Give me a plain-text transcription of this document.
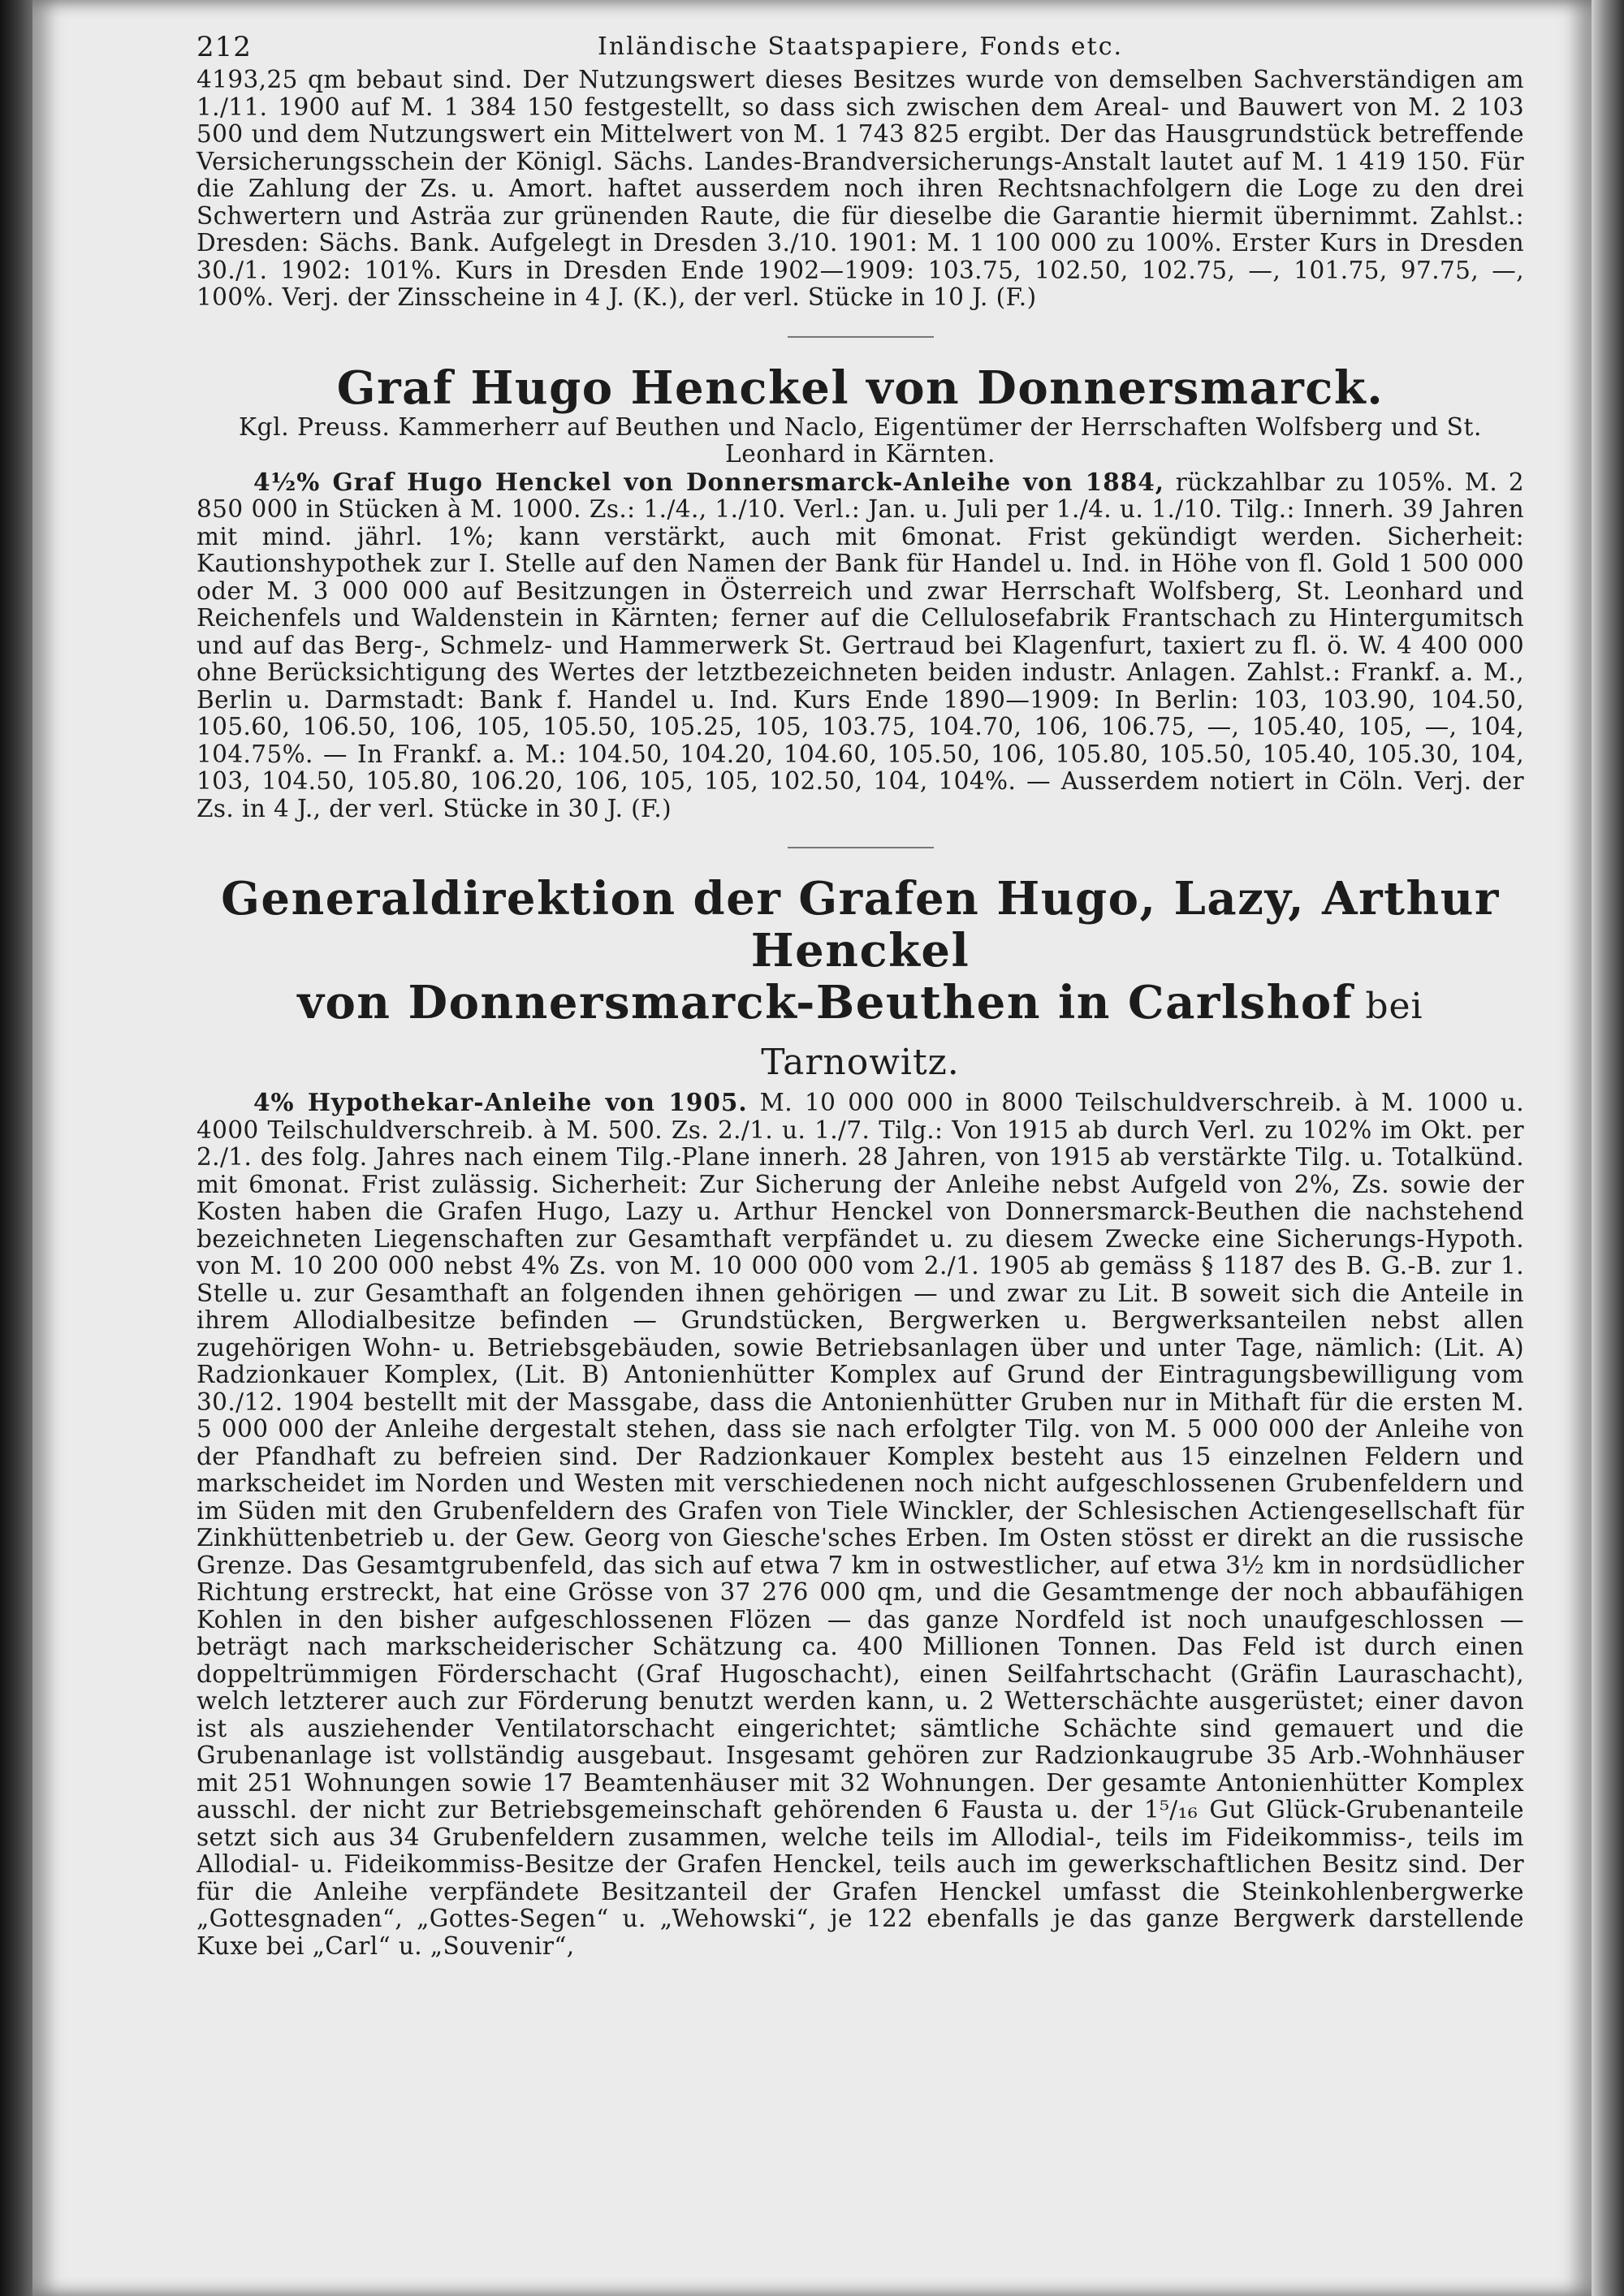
212	Inländische Staatspapiere, Fonds etc.

4193,25 qm bebaut sind. Der Nutzungswert dieses Besitzes wurde von demselben Sachverständigen am 1./11. 1900 auf M. 1 384 150 festgestellt, so dass sich zwischen dem Areal- und Bauwert von M. 2 103 500 und dem Nutzungswert ein Mittelwert von M. 1 743 825 ergibt. Der das Hausgrundstück betreffende Versicherungsschein der Königl. Sächs. Landes-Brandversicherungs-Anstalt lautet auf M. 1 419 150. Für die Zahlung der Zs. u. Amort. haftet ausserdem noch ihren Rechtsnachfolgern die Loge zu den drei Schwertern und Asträa zur grünenden Raute, die für dieselbe die Garantie hiermit übernimmt. Zahlst.: Dresden: Sächs. Bank. Aufgelegt in Dresden 3./10. 1901: M. 1 100 000 zu 100%. Erster Kurs in Dresden 30./1. 1902: 101%. Kurs in Dresden Ende 1902—1909: 103.75, 102.50, 102.75, —, 101.75, 97.75, —, 100%. Verj. der Zinsscheine in 4 J. (K.), der verl. Stücke in 10 J. (F.)

Graf Hugo Henckel von Donnersmarck.
Kgl. Preuss. Kammerherr auf Beuthen und Naclo, Eigentümer der Herrschaften Wolfsberg und St. Leonhard in Kärnten.

4½% Graf Hugo Henckel von Donnersmarck-Anleihe von 1884, rückzahlbar zu 105%. M. 2 850 000 in Stücken à M. 1000. Zs.: 1./4., 1./10. Verl.: Jan. u. Juli per 1./4. u. 1./10. Tilg.: Innerh. 39 Jahren mit mind. jährl. 1%; kann verstärkt, auch mit 6monat. Frist gekündigt werden. Sicherheit: Kautionshypothek zur I. Stelle auf den Namen der Bank für Handel u. Ind. in Höhe von fl. Gold 1 500 000 oder M. 3 000 000 auf Besitzungen in Österreich und zwar Herrschaft Wolfsberg, St. Leonhard und Reichenfels und Waldenstein in Kärnten; ferner auf die Cellulosefabrik Frantschach zu Hintergumitsch und auf das Berg-, Schmelz- und Hammerwerk St. Gertraud bei Klagenfurt, taxiert zu fl. ö. W. 4 400 000 ohne Berücksichtigung des Wertes der letztbezeichneten beiden industr. Anlagen. Zahlst.: Frankf. a. M., Berlin u. Darmstadt: Bank f. Handel u. Ind. Kurs Ende 1890—1909: In Berlin: 103, 103.90, 104.50, 105.60, 106.50, 106, 105, 105.50, 105.25, 105, 103.75, 104.70, 106, 106.75, —, 105.40, 105, —, 104, 104.75%. — In Frankf. a. M.: 104.50, 104.20, 104.60, 105.50, 106, 105.80, 105.50, 105.40, 105.30, 104, 103, 104.50, 105.80, 106.20, 106, 105, 105, 102.50, 104, 104%. — Ausserdem notiert in Cöln. Verj. der Zs. in 4 J., der verl. Stücke in 30 J. (F.)

Generaldirektion der Grafen Hugo, Lazy, Arthur Henckel
von Donnersmarck-Beuthen in Carlshof bei Tarnowitz.

4% Hypothekar-Anleihe von 1905. M. 10 000 000 in 8000 Teilschuldverschreib. à M. 1000 u. 4000 Teilschuldverschreib. à M. 500. Zs. 2./1. u. 1./7. Tilg.: Von 1915 ab durch Verl. zu 102% im Okt. per 2./1. des folg. Jahres nach einem Tilg.-Plane innerh. 28 Jahren, von 1915 ab verstärkte Tilg. u. Totalkünd. mit 6monat. Frist zulässig. Sicherheit: Zur Sicherung der Anleihe nebst Aufgeld von 2%, Zs. sowie der Kosten haben die Grafen Hugo, Lazy u. Arthur Henckel von Donnersmarck-Beuthen die nachstehend bezeichneten Liegenschaften zur Gesamthaft verpfändet u. zu diesem Zwecke eine Sicherungs-Hypoth. von M. 10 200 000 nebst 4% Zs. von M. 10 000 000 vom 2./1. 1905 ab gemäss § 1187 des B. G.-B. zur 1. Stelle u. zur Gesamthaft an folgenden ihnen gehörigen — und zwar zu Lit. B soweit sich die Anteile in ihrem Allodialbesitze befinden — Grundstücken, Bergwerken u. Bergwerksanteilen nebst allen zugehörigen Wohn- u. Betriebsgebäuden, sowie Betriebsanlagen über und unter Tage, nämlich: (Lit. A) Radzionkauer Komplex, (Lit. B) Antonienhütter Komplex auf Grund der Eintragungsbewilligung vom 30./12. 1904 bestellt mit der Massgabe, dass die Antonienhütter Gruben nur in Mithaft für die ersten M. 5 000 000 der Anleihe dergestalt stehen, dass sie nach erfolgter Tilg. von M. 5 000 000 der Anleihe von der Pfandhaft zu befreien sind. Der Radzionkauer Komplex besteht aus 15 einzelnen Feldern und markscheidet im Norden und Westen mit verschiedenen noch nicht aufgeschlossenen Grubenfeldern und im Süden mit den Grubenfeldern des Grafen von Tiele Winckler, der Schlesischen Actiengesellschaft für Zinkhüttenbetrieb u. der Gew. Georg von Giesche'sches Erben. Im Osten stösst er direkt an die russische Grenze. Das Gesamtgrubenfeld, das sich auf etwa 7 km in ostwestlicher, auf etwa 3½ km in nordsüdlicher Richtung erstreckt, hat eine Grösse von 37 276 000 qm, und die Gesamtmenge der noch abbaufähigen Kohlen in den bisher aufgeschlossenen Flözen — das ganze Nordfeld ist noch unaufgeschlossen — beträgt nach markscheiderischer Schätzung ca. 400 Millionen Tonnen. Das Feld ist durch einen doppeltrümmigen Förderschacht (Graf Hugoschacht), einen Seilfahrtschacht (Gräfin Lauraschacht), welch letzterer auch zur Förderung benutzt werden kann, u. 2 Wetterschächte ausgerüstet; einer davon ist als ausziehender Ventilatorschacht eingerichtet; sämtliche Schächte sind gemauert und die Grubenanlage ist vollständig ausgebaut. Insgesamt gehören zur Radzionkaugrube 35 Arb.-Wohnhäuser mit 251 Wohnungen sowie 17 Beamtenhäuser mit 32 Wohnungen. Der gesamte Antonienhütter Komplex ausschl. der nicht zur Betriebsgemeinschaft gehörenden 6 Fausta u. der 1⁵/₁₆ Gut Glück-Grubenanteile setzt sich aus 34 Grubenfeldern zusammen, welche teils im Allodial-, teils im Fideikommiss-, teils im Allodial- u. Fideikommiss-Besitze der Grafen Henckel, teils auch im gewerkschaftlichen Besitz sind. Der für die Anleihe verpfändete Besitzanteil der Grafen Henckel umfasst die Steinkohlenbergwerke „Gottesgnaden“, „Gottes-Segen“ u. „Wehowski“, je 122 ebenfalls je das ganze Bergwerk darstellende Kuxe bei „Carl“ u. „Souvenir“,
